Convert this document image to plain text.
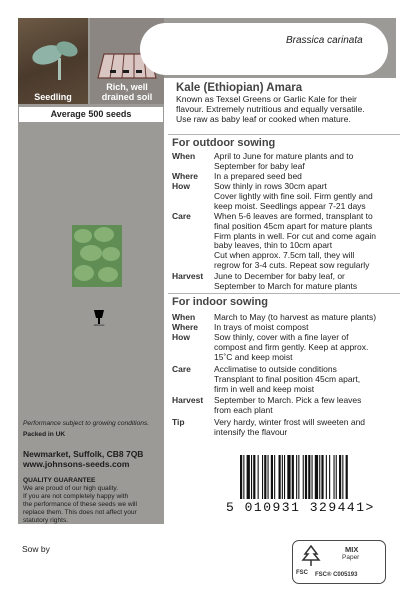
Seedling
Rich, well
drained soil
Average 500 seeds
Johnsons
Performance subject to growing conditions.
Packed in UK
Newmarket, Suffolk, CB8 7QB
www.johnsons-seeds.com
QUALITY GUARANTEE
We are proud of our high quality.
If you are not completely happy with
the performance of these seeds we will
replace them. This does not affect your
statutory rights.
Brassica carinata
Kale (Ethiopian) Amara
Known as Texsel Greens or Garlic Kale for their
flavour. Extremely nutritious and equally versatile.
Use raw as baby leaf or cooked when mature.
For outdoor sowing
When	April to June for mature plants and to
September for baby leaf
Where	In a prepared seed bed
How	Sow thinly in rows 30cm apart
Cover lightly with fine soil. Firm gently and
keep moist. Seedlings appear 7-21 days
Care	When 5-6 leaves are formed, transplant to
final position 45cm apart for mature plants
Firm plants in well. For cut and come again
baby leaves, thin to 10cm apart
Cut when approx. 7.5cm tall, they will
regrow for 3-4 cuts. Repeat sow regularly
Harvest	June to December for baby leaf, or
September to March for mature plants
For indoor sowing
When	March to May (to harvest as mature plants)
Where	In trays of moist compost
How	Sow thinly, cover with a fine layer of
compost and firm gently. Keep at approx.
15˚C and keep moist
Care	Acclimatise to outside conditions
Transplant to final position 45cm apart,
firm in well and keep moist
Harvest	September to March. Pick a few leaves
from each plant
Tip	Very hardy, winter frost will sweeten and
intensify the flavour
5 010931 329441>
Sow by
FSC
MIX
Paper
FSC® C005193
